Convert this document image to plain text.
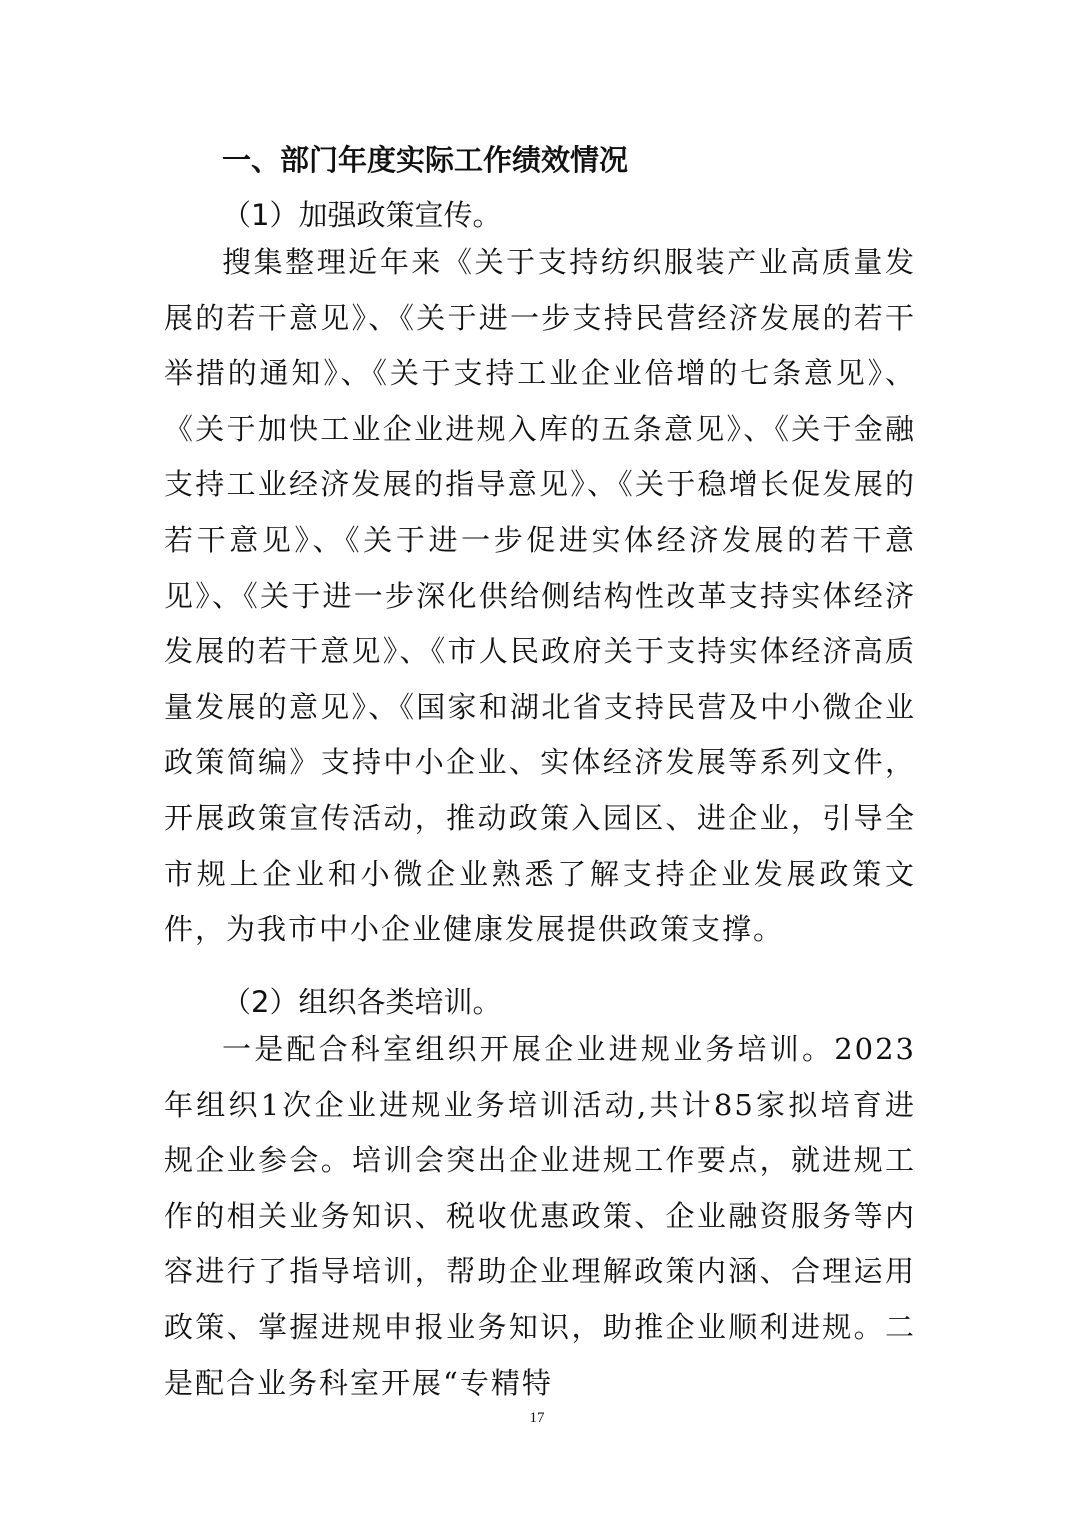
一、部门年度实际工作绩效情况
（1）加强政策宣传。

搜集整理近年来《关于支持纺织服装产业高质量发展的若干意见》、《关于进一步支持民营经济发展的若干举措的通知》、《关于支持工业企业倍增的七条意见》、《关于加快工业企业进规入库的五条意见》、《关于金融支持工业经济发展的指导意见》、《关于稳增长促发展的若干意见》、《关于进一步促进实体经济发展的若干意见》、《关于进一步深化供给侧结构性改革支持实体经济发展的若干意见》、《市人民政府关于支持实体经济高质量发展的意见》、《国家和湖北省支持民营及中小微企业政策简编》支持中小企业、实体经济发展等系列文件，开展政策宣传活动，推动政策入园区、进企业，引导全市规上企业和小微企业熟悉了解支持企业发展政策文件，为我市中小企业健康发展提供政策支撑。

（2）组织各类培训。

一是配合科室组织开展企业进规业务培训。2023年组织1次企业进规业务培训活动,共计85家拟培育进规企业参会。培训会突出企业进规工作要点，就进规工作的相关业务知识、税收优惠政策、企业融资服务等内容进行了指导培训，帮助企业理解政策内涵、合理运用政策、掌握进规申报业务知识，助推企业顺利进规。二是配合业务科室开展“专精特

17
